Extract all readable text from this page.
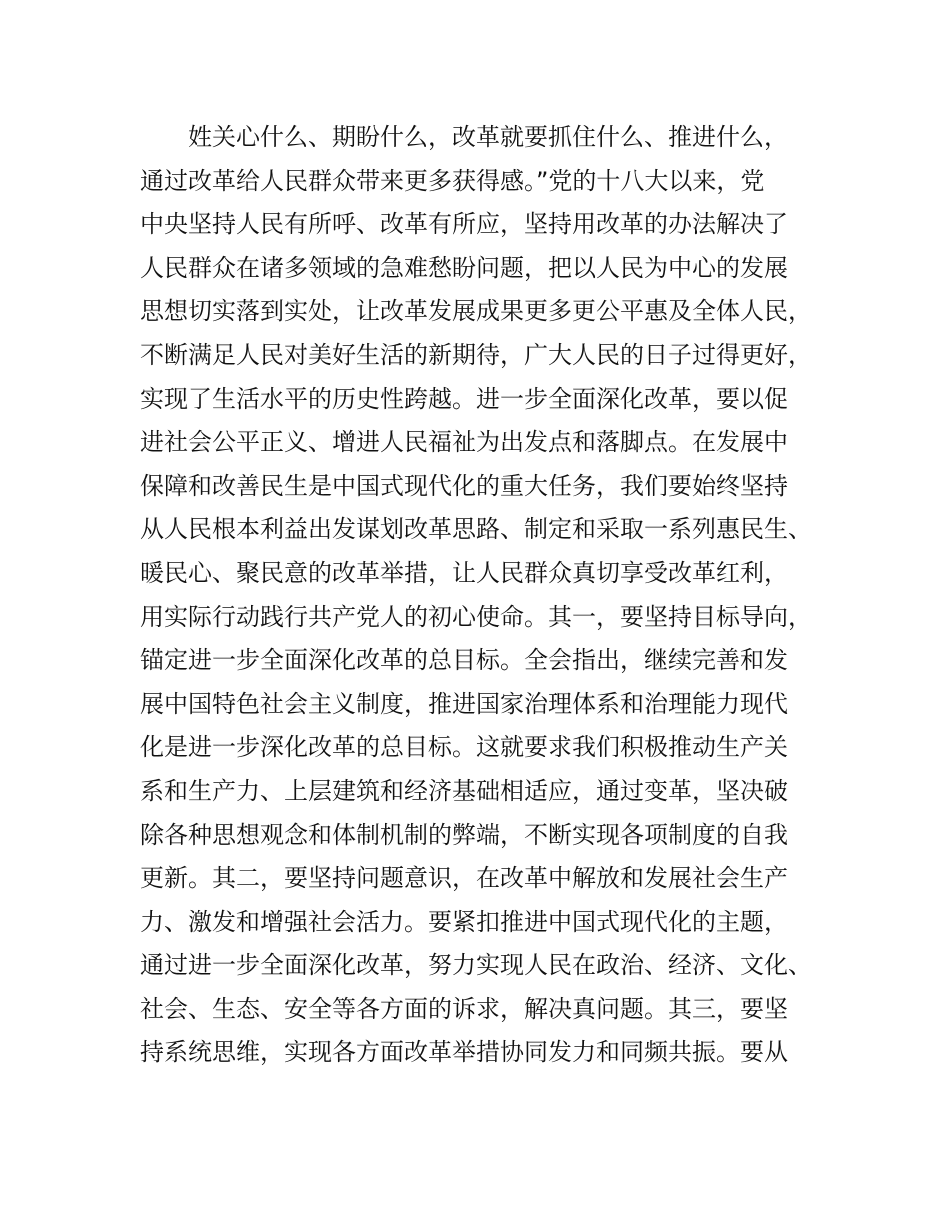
姓关心什么、期盼什么，改革就要抓住什么、推进什么，
通过改革给人民群众带来更多获得感。”党的十八大以来，党
中央坚持人民有所呼、改革有所应，坚持用改革的办法解决了
人民群众在诸多领域的急难愁盼问题，把以人民为中心的发展
思想切实落到实处，让改革发展成果更多更公平惠及全体人民，
不断满足人民对美好生活的新期待，广大人民的日子过得更好，
实现了生活水平的历史性跨越。进一步全面深化改革，要以促
进社会公平正义、增进人民福祉为出发点和落脚点。在发展中
保障和改善民生是中国式现代化的重大任务，我们要始终坚持
从人民根本利益出发谋划改革思路、制定和采取一系列惠民生、
暖民心、聚民意的改革举措，让人民群众真切享受改革红利，
用实际行动践行共产党人的初心使命。其一，要坚持目标导向，
锚定进一步全面深化改革的总目标。全会指出，继续完善和发
展中国特色社会主义制度，推进国家治理体系和治理能力现代
化是进一步深化改革的总目标。这就要求我们积极推动生产关
系和生产力、上层建筑和经济基础相适应，通过变革，坚决破
除各种思想观念和体制机制的弊端，不断实现各项制度的自我
更新。其二，要坚持问题意识，在改革中解放和发展社会生产
力、激发和增强社会活力。要紧扣推进中国式现代化的主题，
通过进一步全面深化改革，努力实现人民在政治、经济、文化、
社会、生态、安全等各方面的诉求，解决真问题。其三，要坚
持系统思维，实现各方面改革举措协同发力和同频共振。要从
